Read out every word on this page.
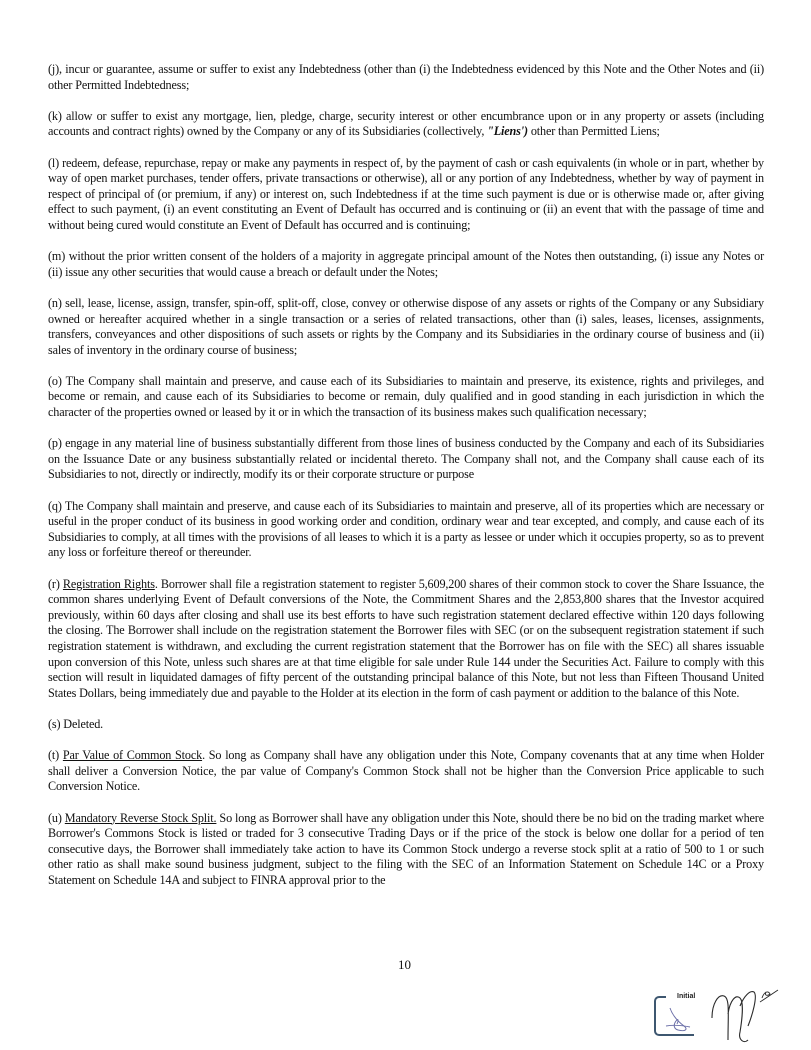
(j), incur or guarantee, assume or suffer to exist any Indebtedness (other than (i) the Indebtedness evidenced by this Note and the Other Notes and (ii) other Permitted Indebtedness;

(k) allow or suffer to exist any mortgage, lien, pledge, charge, security interest or other encumbrance upon or in any property or assets (including accounts and contract rights) owned by the Company or any of its Subsidiaries (collectively, "Liens') other than Permitted Liens;

(l) redeem, defease, repurchase, repay or make any payments in respect of, by the payment of cash or cash equivalents (in whole or in part, whether by way of open market purchases, tender offers, private transactions or otherwise), all or any portion of any Indebtedness, whether by way of payment in respect of principal of (or premium, if any) or interest on, such Indebtedness if at the time such payment is due or is otherwise made or, after giving effect to such payment, (i) an event constituting an Event of Default has occurred and is continuing or (ii) an event that with the passage of time and without being cured would constitute an Event of Default has occurred and is continuing;

(m) without the prior written consent of the holders of a majority in aggregate principal amount of the Notes then outstanding, (i) issue any Notes or (ii) issue any other securities that would cause a breach or default under the Notes;

(n) sell, lease, license, assign, transfer, spin-off, split-off, close, convey or otherwise dispose of any assets or rights of the Company or any Subsidiary owned or hereafter acquired whether in a single transaction or a series of related transactions, other than (i) sales, leases, licenses, assignments, transfers, conveyances and other dispositions of such assets or rights by the Company and its Subsidiaries in the ordinary course of business and (ii) sales of inventory in the ordinary course of business;

(o) The Company shall maintain and preserve, and cause each of its Subsidiaries to maintain and preserve, its existence, rights and privileges, and become or remain, and cause each of its Subsidiaries to become or remain, duly qualified and in good standing in each jurisdiction in which the character of the properties owned or leased by it or in which the transaction of its business makes such qualification necessary;

(p) engage in any material line of business substantially different from those lines of business conducted by the Company and each of its Subsidiaries on the Issuance Date or any business substantially related or incidental thereto. The Company shall not, and the Company shall cause each of its Subsidiaries to not, directly or indirectly, modify its or their corporate structure or purpose

(q) The Company shall maintain and preserve, and cause each of its Subsidiaries to maintain and preserve, all of its properties which are necessary or useful in the proper conduct of its business in good working order and condition, ordinary wear and tear excepted, and comply, and cause each of its Subsidiaries to comply, at all times with the provisions of all leases to which it is a party as lessee or under which it occupies property, so as to prevent any loss or forfeiture thereof or thereunder.

(r) Registration Rights. Borrower shall file a registration statement to register 5,609,200 shares of their common stock to cover the Share Issuance, the common shares underlying Event of Default conversions of the Note, the Commitment Shares and the 2,853,800 shares that the Investor acquired previously, within 60 days after closing and shall use its best efforts to have such registration statement declared effective within 120 days following the closing. The Borrower shall include on the registration statement the Borrower files with SEC (or on the subsequent registration statement if such registration statement is withdrawn, and excluding the current registration statement that the Borrower has on file with the SEC) all shares issuable upon conversion of this Note, unless such shares are at that time eligible for sale under Rule 144 under the Securities Act. Failure to comply with this section will result in liquidated damages of fifty percent of the outstanding principal balance of this Note, but not less than Fifteen Thousand United States Dollars, being immediately due and payable to the Holder at its election in the form of cash payment or addition to the balance of this Note.

(s) Deleted.

(t) Par Value of Common Stock. So long as Company shall have any obligation under this Note, Company covenants that at any time when Holder shall deliver a Conversion Notice, the par value of Company's Common Stock shall not be higher than the Conversion Price applicable to such Conversion Notice.

(u) Mandatory Reverse Stock Split. So long as Borrower shall have any obligation under this Note, should there be no bid on the trading market where Borrower's Commons Stock is listed or traded for 3 consecutive Trading Days or if the price of the stock is below one dollar for a period of ten consecutive days, the Borrower shall immediately take action to have its Common Stock undergo a reverse stock split at a ratio of 500 to 1 or such other ratio as shall make sound business judgment, subject to the filing with the SEC of an Information Statement on Schedule 14C or a Proxy Statement on Schedule 14A and subject to FINRA approval prior to the

10
Initial
